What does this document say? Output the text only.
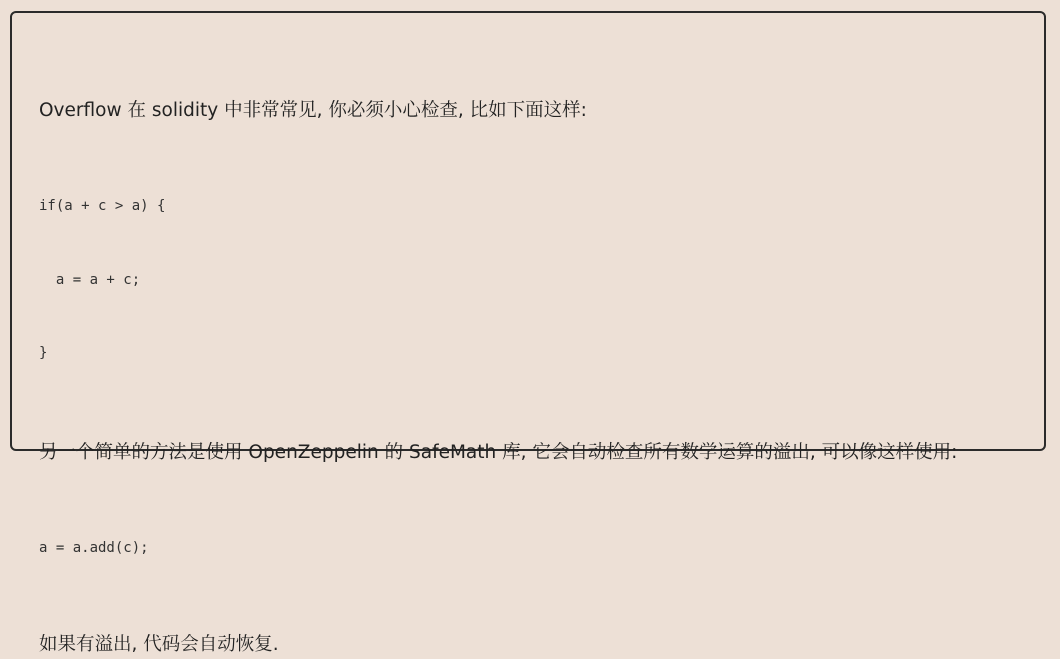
Overflow 在 solidity 中非常常见, 你必须小心检查, 比如下面这样:

if(a + c > a) {

a = a + c;

}

另一个简单的方法是使用 OpenZeppelin 的 SafeMath 库, 它会自动检查所有数学运算的溢出, 可以像这样使用:

a = a.add(c);

如果有溢出, 代码会自动恢复.
